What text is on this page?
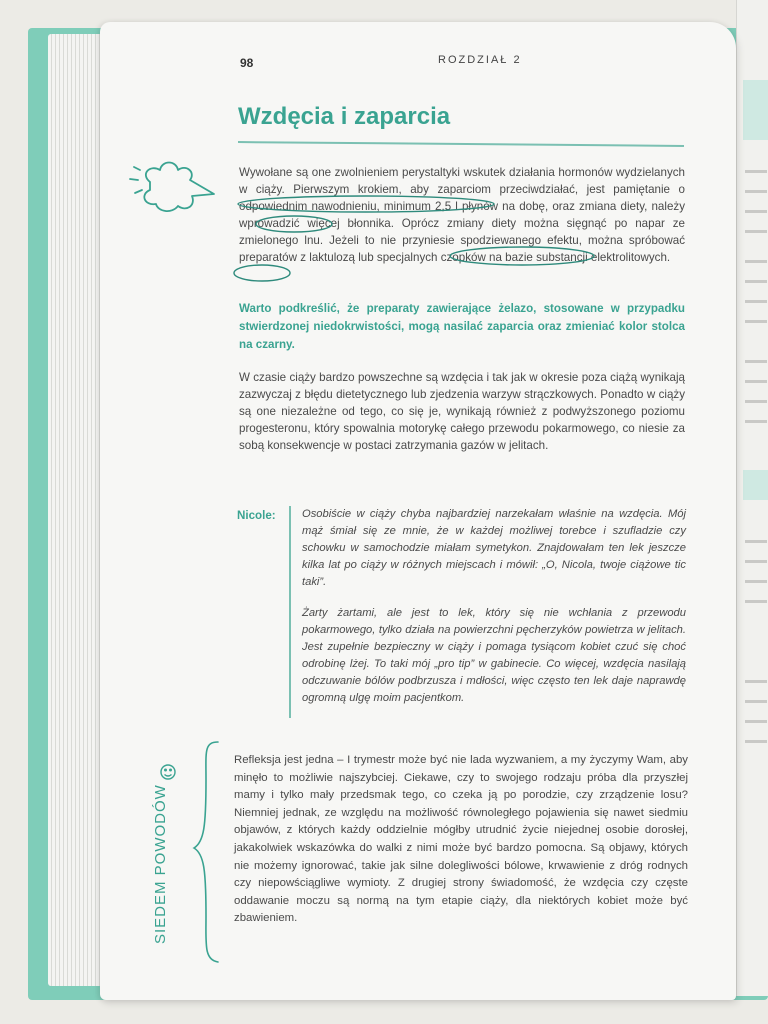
98	ROZDZIAŁ 2
Wzdęcia i zaparcia

Wywołane są one zwolnieniem perystaltyki wskutek działania hormonów wydzielanych w ciąży. Pierwszym krokiem, aby zaparciom przeciwdziałać, jest pamiętanie o odpowiednim nawodnieniu, minimum 2,5 l płynów na dobę, oraz zmiana diety, należy wprowadzić więcej błonnika. Oprócz zmiany diety można sięgnąć po napar ze zmielonego lnu. Jeżeli to nie przyniesie spodziewanego efektu, można spróbować preparatów z laktulozą lub specjalnych czopków na bazie substancji elektrolitowych.

Warto podkreślić, że preparaty zawierające żelazo, stosowane w przypadku stwierdzonej niedokrwistości, mogą nasilać zaparcia oraz zmieniać kolor stolca na czarny.

W czasie ciąży bardzo powszechne są wzdęcia i tak jak w okresie poza ciążą wynikają zazwyczaj z błędu dietetycznego lub zjedzenia warzyw strączkowych. Ponadto w ciąży są one niezależne od tego, co się je, wynikają również z podwyższonego poziomu progesteronu, który spowalnia motorykę całego przewodu pokarmowego, co niesie za sobą konsekwencje w postaci zatrzymania gazów w jelitach.

Nicole: Osobiście w ciąży chyba najbardziej narzekałam właśnie na wzdęcia. Mój mąż śmiał się ze mnie, że w każdej możliwej torebce i szufladzie czy schowku w samochodzie miałam symetykon. Znajdowałam ten lek jeszcze kilka lat po ciąży w różnych miejscach i mówił: „O, Nicola, twoje ciążowe tic taki”.

Żarty żartami, ale jest to lek, który się nie wchłania z przewodu pokarmowego, tylko działa na powierzchni pęcherzyków powietrza w jelitach. Jest zupełnie bezpieczny w ciąży i pomaga tysiącom kobiet czuć się choć odrobinę lżej. To taki mój „pro tip” w gabinecie. Co więcej, wzdęcia nasilają odczuwanie bólów podbrzusza i mdłości, więc często ten lek daje naprawdę ogromną ulgę moim pacjentkom.

SIEDEM POWODÓW

Refleksja jest jedna – I trymestr może być nie lada wyzwaniem, a my życzymy Wam, aby minęło to możliwie najszybciej. Ciekawe, czy to swojego rodzaju próba dla przyszłej mamy i tylko mały przedsmak tego, co czeka ją po porodzie, czy zrządzenie losu? Niemniej jednak, ze względu na możliwość równoległego pojawienia się nawet siedmiu objawów, z których każdy oddzielnie mógłby utrudnić życie niejednej osobie dorosłej, jakakolwiek wskazówka do walki z nimi może być bardzo pomocna. Są objawy, których nie możemy ignorować, takie jak silne dolegliwości bólowe, krwawienie z dróg rodnych czy niepowściągliwe wymioty. Z drugiej strony świadomość, że wzdęcia czy częste oddawanie moczu są normą na tym etapie ciąży, dla niektórych kobiet może być zbawieniem.
